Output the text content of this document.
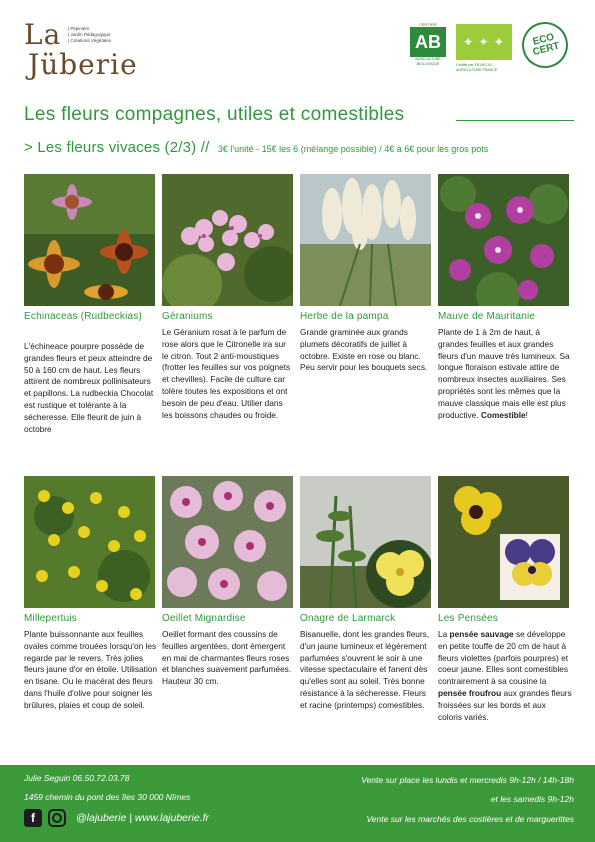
La | Pépinière
| Jardin Pédagogique
| Créations Végétales
Jüberie
CERTIFIÉ
AB
AGRICULTURE BIOLOGIQUE
✦ ✦ ✦
Certifié par FR-BIO-01 AGRICULTURE FRANCE
ECO CERT
Les fleurs compagnes, utiles et comestibles
> Les fleurs vivaces (2/3) // 3€ l'unité - 15€ les 6 (mélange possible) / 4€ à 6€ pour les gros pots
Echinaceas (Rudbeckias)
L'échineace pourpre possède de grandes fleurs et peux atteindre de 50 à 160 cm de haut. Les fleurs attirent de nombreux pollinisateurs et papillons. La rudbeckia Chocolat est rustique et tolérante à la sécheresse. Elle fleurit de juin à octobre
Géraniums
Le Géranium rosat à le parfum de rose alors que le Citronelle ira sur le citron. Tout 2 anti-moustiques (frotter les feuilles sur vos poignets et chevilles). Facile de culture car tolère toutes les expositions et ont besoin de peu d'eau. Utilier dans les boissons chaudes ou froide.
Herbe de la pampa
Grande graminée aux grands plumets décoratifs de juillet à octobre. Existe en rose ou blanc. Peu servir pour les bouquets secs.
Mauve de Mauritanie
Plante de 1 à 2m de haut, à grandes feuilles et aux grandes fleurs d'un mauve très lumineux. Sa longue floraison estivale attire de nombreux insectes auxiliaires. Ses propriétés sont les mêmes que la mauve classique mais elle est plus productive. Comestible!
Millepertuis
Plante buissonnante aux feuilles ovales comme trouées lorsqu'on les regarde par le revers. Très jolies fleurs jaune d'or en étoile. Utilisation en tisane. Ou le macérat des fleurs dans l'huile d'olive pour soigner les brûlures, plaies et coup de soleil.
Oeillet Mignardise
Oeillet formant des coussins de feuilles argentées, dont émergent en mai de charmantes fleurs roses et blanches suavement parfumées. Hauteur 30 cm.
Onagre de Larmarck
Bisanuelle, dont les grandes fleurs, d'un jaune lumineux et légèrement parfumées s'ouvrent le soir à une vitesse spectaculaire et fanent dès qu'elles sont au soleil. Très bonne résistance à la sècheresse. Fleurs et racine (printemps) comestibles.
Les Pensées
La pensée sauvage se développe en petite touffe de 20 cm de haut à fleurs violettes (parfois pourpres) et coeur jaune. Elles sont comestibles contrairement à sa cousine la pensée froufrou aux grandes fleurs froissées sur les bords et aux coloris variés.
Julie Seguin 06.50.72.03.78
1459 chemin du pont des îles 30 000 Nîmes
f	@lajuberie | www.lajuberie.fr
Vente sur place les lundis et mercredis 9h-12h / 14h-18h
et les samedis 9h-12h
Vente sur les marchés des costières et de marguerittes
